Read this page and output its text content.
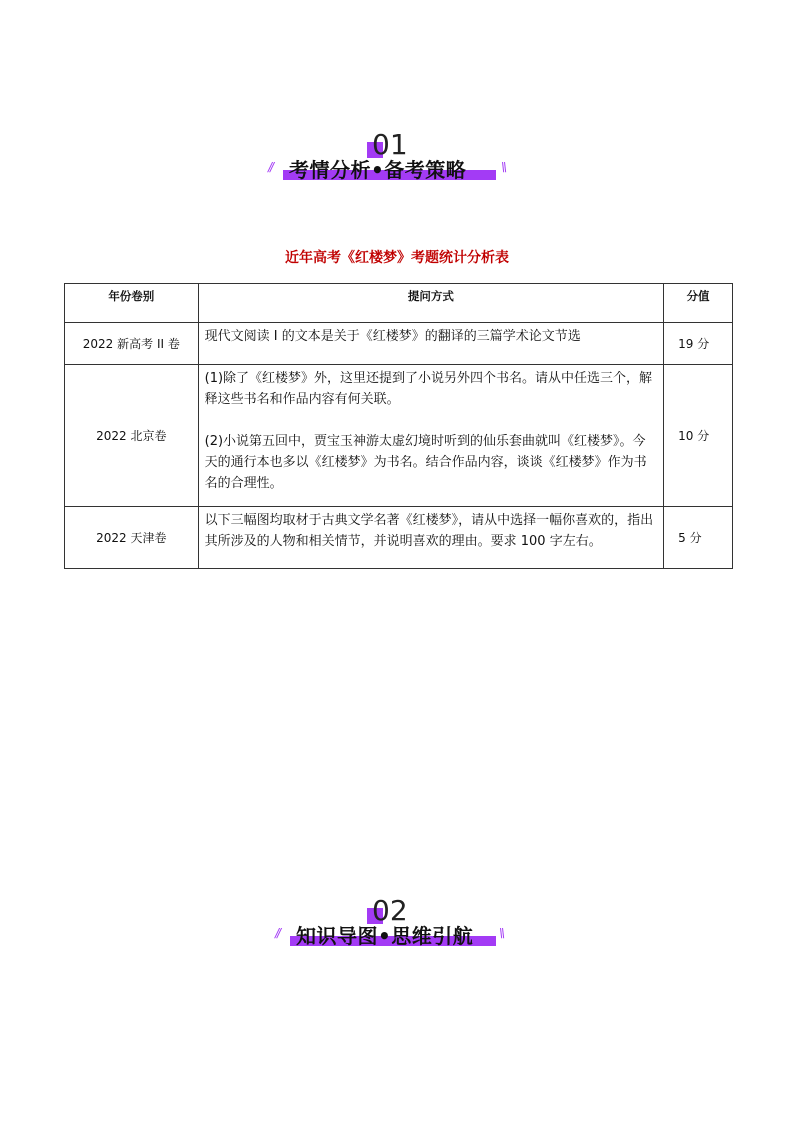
01
// 考情分析•备考策略	\\
近年高考《红楼梦》考题统计分析表
年份卷别	提问方式	分值
2022 新高考 II 卷	现代文阅读 I 的文本是关于《红楼梦》的翻译的三篇学术论文节选	19 分
2022 北京卷	(1)除了《红楼梦》外，这里还提到了小说另外四个书名。请从中任选三个，解释这些书名和作品内容有何关联。
(2)小说第五回中，贾宝玉神游太虚幻境时听到的仙乐套曲就叫《红楼梦》。今天的通行本也多以《红楼梦》为书名。结合作品内容，谈谈《红楼梦》作为书名的合理性。	10 分
2022 天津卷	以下三幅图均取材于古典文学名著《红楼梦》，请从中选择一幅你喜欢的，指出其所涉及的人物和相关情节，并说明喜欢的理由。要求 100 字左右。	5 分
02
// 知识导图•思维引航 \\
